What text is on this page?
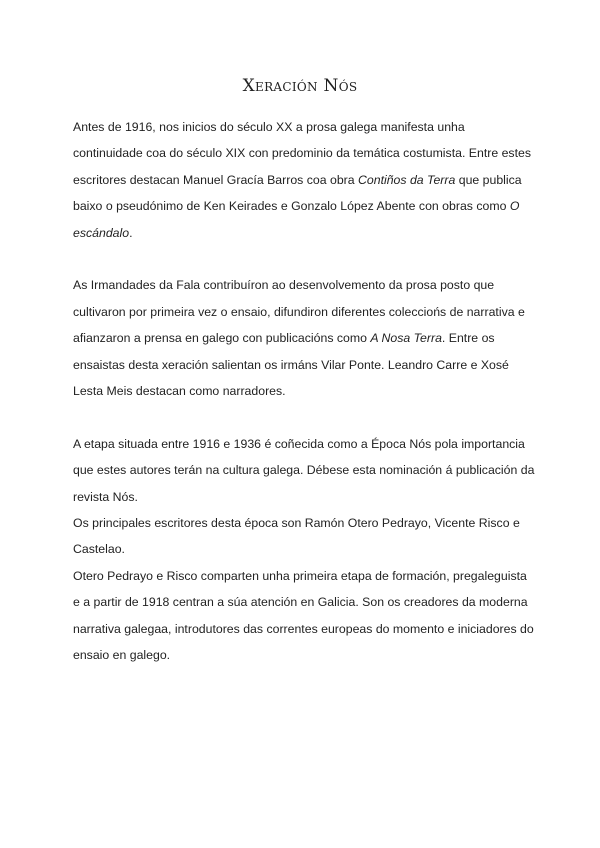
Xeración Nós

Antes de 1916, nos inicios do século XX a prosa galega manifesta unha continuidade coa do século XIX con predominio da temática costumista. Entre estes escritores destacan Manuel Gracía Barros coa obra Contiños da Terra que publica baixo o pseudónimo de Ken Keirades e Gonzalo López Abente con obras como O escándalo.

As Irmandades da Fala contribuíron ao desenvolvemento da prosa posto que cultivaron por primeira vez o ensaio, difundiron diferentes colecciońs de narrativa e afianzaron a prensa en galego con publicacións como A Nosa Terra. Entre os ensaistas desta xeración salientan os irmáns Vilar Ponte. Leandro Carre e Xosé Lesta Meis destacan como narradores.

A etapa situada entre 1916 e 1936 é coñecida como a Época Nós pola importancia que estes autores terán na cultura galega. Débese esta nominación á publicación da revista Nós.

Os principales escritores desta época son Ramón Otero Pedrayo, Vicente Risco e Castelao.

Otero Pedrayo e Risco comparten unha primeira etapa de formación, pregaleguista e a partir de 1918 centran a súa atención en Galicia. Son os creadores da moderna narrativa galegaa, introdutores das correntes europeas do momento e iniciadores do ensaio en galego.
